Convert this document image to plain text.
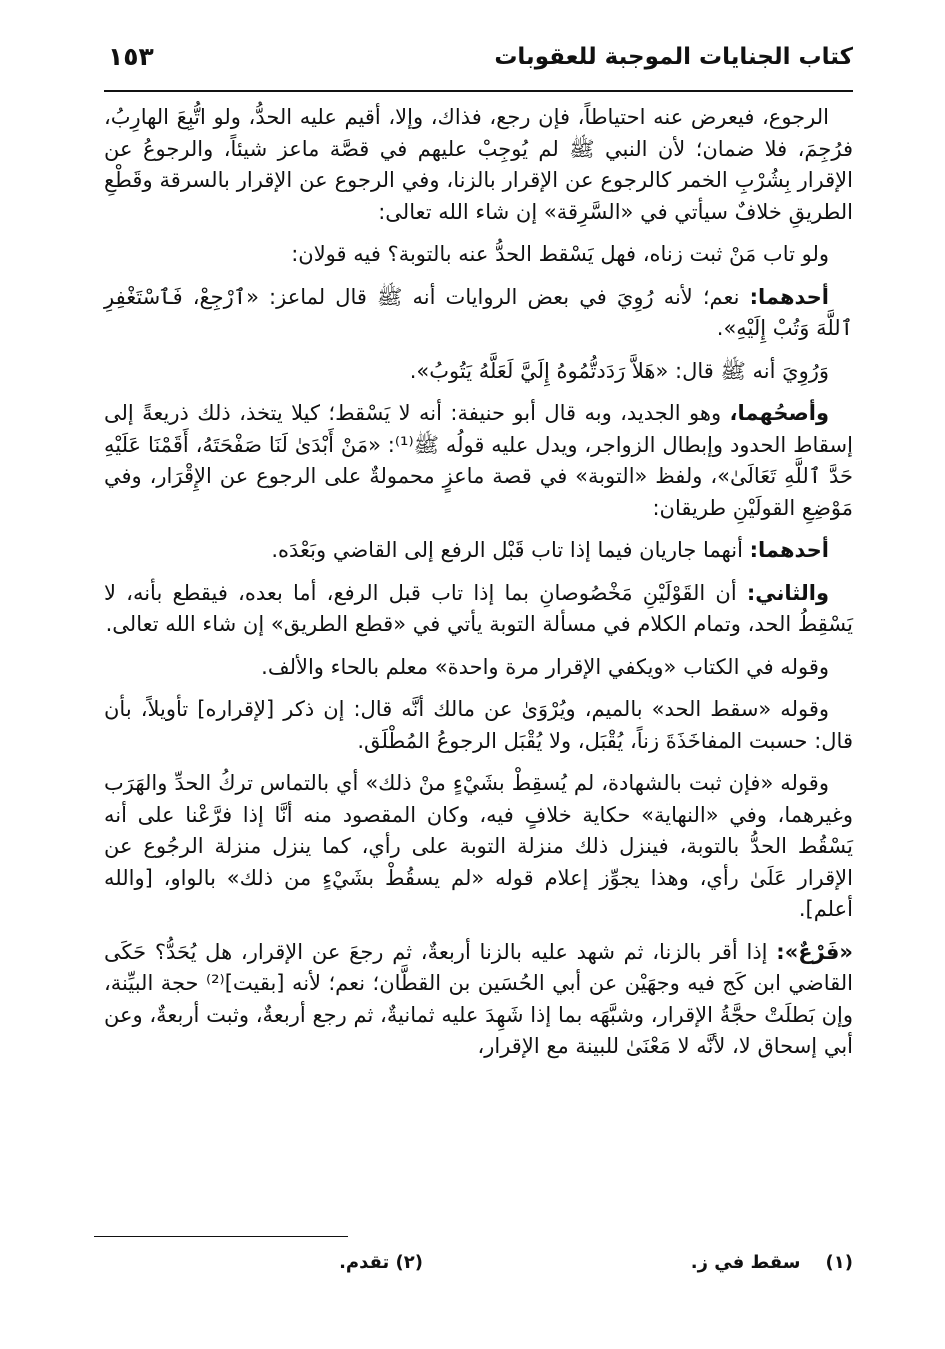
كتاب الجنايات الموجبة للعقوبات
١٥٣

الرجوع، فيعرض عنه احتياطاً، فإن رجع، فذاك، وإلا، أقيم عليه الحدُّ، ولو اتُّبِعَ الهارِبُ، فرُجِمَ، فلا ضمان؛ لأن النبي ﷺ لم يُوجِبْ عليهم في قصَّة ماعز شيئاً، والرجوعُ عن الإقرار بِشُرْبِ الخمر كالرجوع عن الإقرار بالزنا، وفي الرجوع عن الإقرار بالسرقة وقَطْعِ الطريقِ خلافٌ سيأتي في «السَّرِقة» إن شاء الله تعالى:

ولو تاب مَنْ ثبت زناه، فهل يَسْقط الحدُّ عنه بالتوبة؟ فيه قولان:

أحدهما: نعم؛ لأنه رُوِيَ في بعض الروايات أنه ﷺ قال لماعز: «ٱرْجِعْ، فَٱسْتَغْفِرِ ٱللَّهَ وَتُبْ إِلَيْهِ».

وَرُوِيَ أنه ﷺ قال: «هَلاَّ رَدَدتُّمُوهُ إِلَيَّ لَعَلَّهُ يَتُوبُ».

وأصحُهما، وهو الجديد، وبه قال أبو حنيفة: أنه لا يَسْقط؛ كيلا يتخذ، ذلك ذريعةً إلى إسقاط الحدود وإبطال الزواجر، ويدل عليه قولُه ﷺ⁽¹⁾: «مَنْ أَبْدَىٰ لَنَا صَفْحَتَهُ، أَقَمْنَا عَلَيْهِ حَدَّ ٱللَّهِ تَعَالَىٰ»، ولفظ «التوبة» في قصة ماعزٍ محمولةٌ على الرجوع عن الإِقْرَار، وفي مَوْضِعِ القولَيْنِ طريقان:

أحدهما: أنهما جاريان فيما إذا تاب قَبْل الرفع إلى القاضي وبَعْدَه.

والثاني: أن القَوْلَيْنِ مَخْصُوصانِ بما إذا تاب قبل الرفع، أما بعده، فيقطع بأنه، لا يَسْقِطُ الحد، وتمام الكلام في مسألة التوبة يأتي في «قطع الطريق» إن شاء الله تعالى.

وقوله في الكتاب «ويكفي الإقرار مرة واحدة» معلم بالحاء والألف.

وقوله «سقط الحد» بالميم، ويُرْوَىٰ عن مالك أنَّه قال: إن ذكر [لإقراره] تأويلاً، بأن قال: حسبت المفاخَذَةَ زناً، يُقْبَل، ولا يُقْبَل الرجوعُ المُطْلَق.

وقوله «فإن ثبت بالشهادة، لم يُسقِطْ بشَيْءٍ منْ ذلك» أي بالتماس تركُ الحدِّ والهَرَب وغيرهما، وفي «النهاية» حكاية خلافٍ فيه، وكان المقصود منه أنَّا إذا فرَّعْنا على أنه يَسْقُط الحدُّ بالتوبة، فينزل ذلك منزلة التوبة على رأي، كما ينزل منزلة الرجُوع عن الإقرار عَلَىٰ رأي، وهذا يجوِّز إعلام قوله «لم يسقُطْ بشَيْءٍ من ذلك» بالواو، [والله أعلم].

«فَرْعٌ»: إذا أقر بالزنا، ثم شهد عليه بالزنا أربعةٌ، ثم رجعَ عن الإقرار، هل يُحَدُّ؟ حَكَى القاضي ابن كَج فيه وجهَيْن عن أبي الحُسَين بن القطَّان؛ نعم؛ لأنه [بقيت]⁽²⁾ حجة البيِّنة، وإن بَطلَتْ حجَّةُ الإقرار، وشبَّهَه بما إذا شَهِدَ عليه ثمانيةٌ، ثم رجع أربعةٌ، وثبت أربعةٌ، وعن أبي إسحاق لا، لأنَّه لا مَعْنَىٰ للبينة مع الإقرار،

(١)    سقط في ز.
(٢) تقدم.
